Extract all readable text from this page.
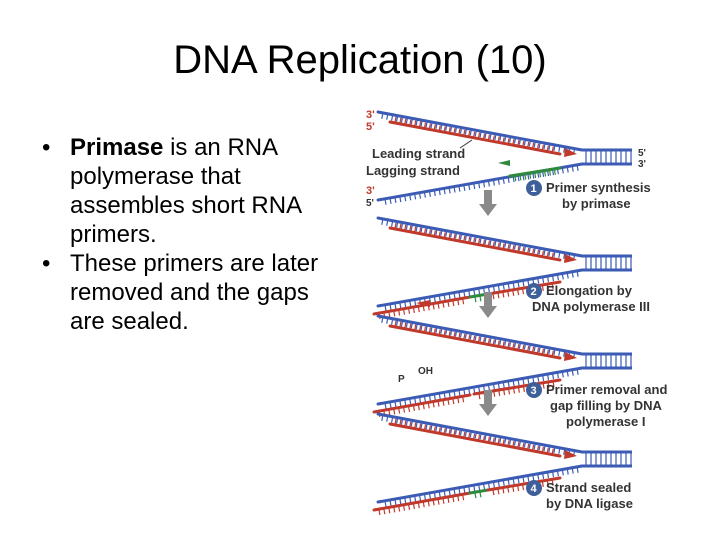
DNA Replication (10)
• Primase is an RNA polymerase that assembles short RNA primers.
• These primers are later removed and the gaps are sealed.
3'
5'
3'
5'
5'
3'
Leading strand
Lagging strand
P
OH
1 Primer synthesis
by primase
2 Elongation by
DNA polymerase III
3 Primer removal and
gap filling by DNA
polymerase I
4 Strand sealed
by DNA ligase
